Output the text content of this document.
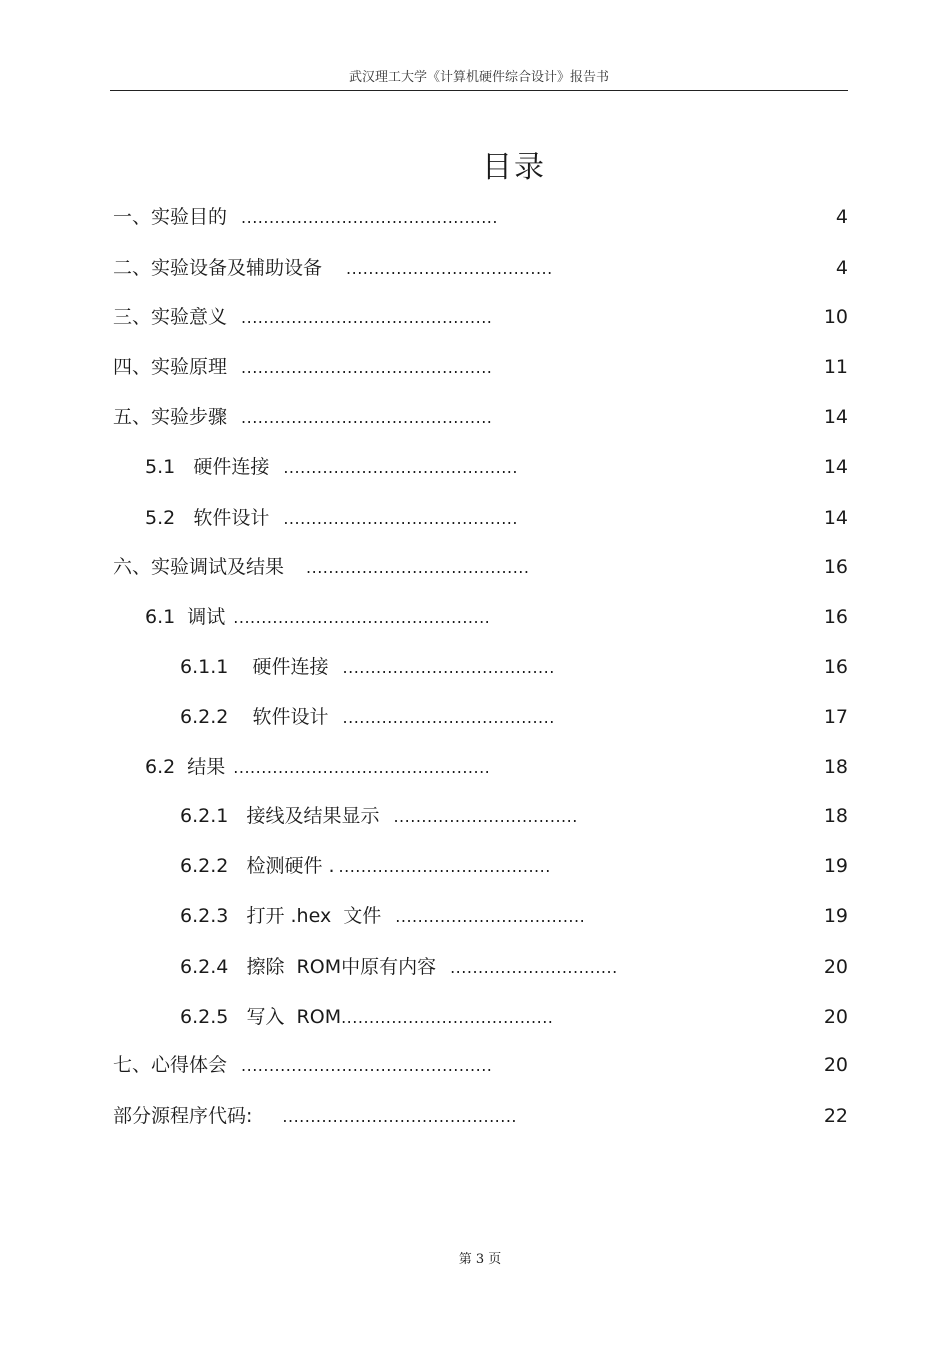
武汉理工大学《计算机硬件综合设计》报告书
目录
一、实验目的 ..............................................	4
二、实验设备及辅助设备 .....................................	4
三、实验意义 .............................................	10
四、实验原理 .............................................	11
五、实验步骤 .............................................	14
5.1   硬件连接 ..........................................	14
5.2   软件设计 ..........................................	14
六、实验调试及结果 ........................................	16
6.1  调试 ..............................................	16
6.1.1    硬件连接 ......................................	16
6.2.2    软件设计 ......................................	17
6.2  结果 ..............................................	18
6.2.1   接线及结果显示 .................................	18
6.2.2   检测硬件 . ......................................	19
6.2.3   打开 .hex  文件 ..................................	19
6.2.4   擦除  ROM中原有内容 ..............................	20
6.2.5   写入  ROM......................................	20
七、心得体会 .............................................	20
部分源程序代码: ..........................................	22
第 3 页
